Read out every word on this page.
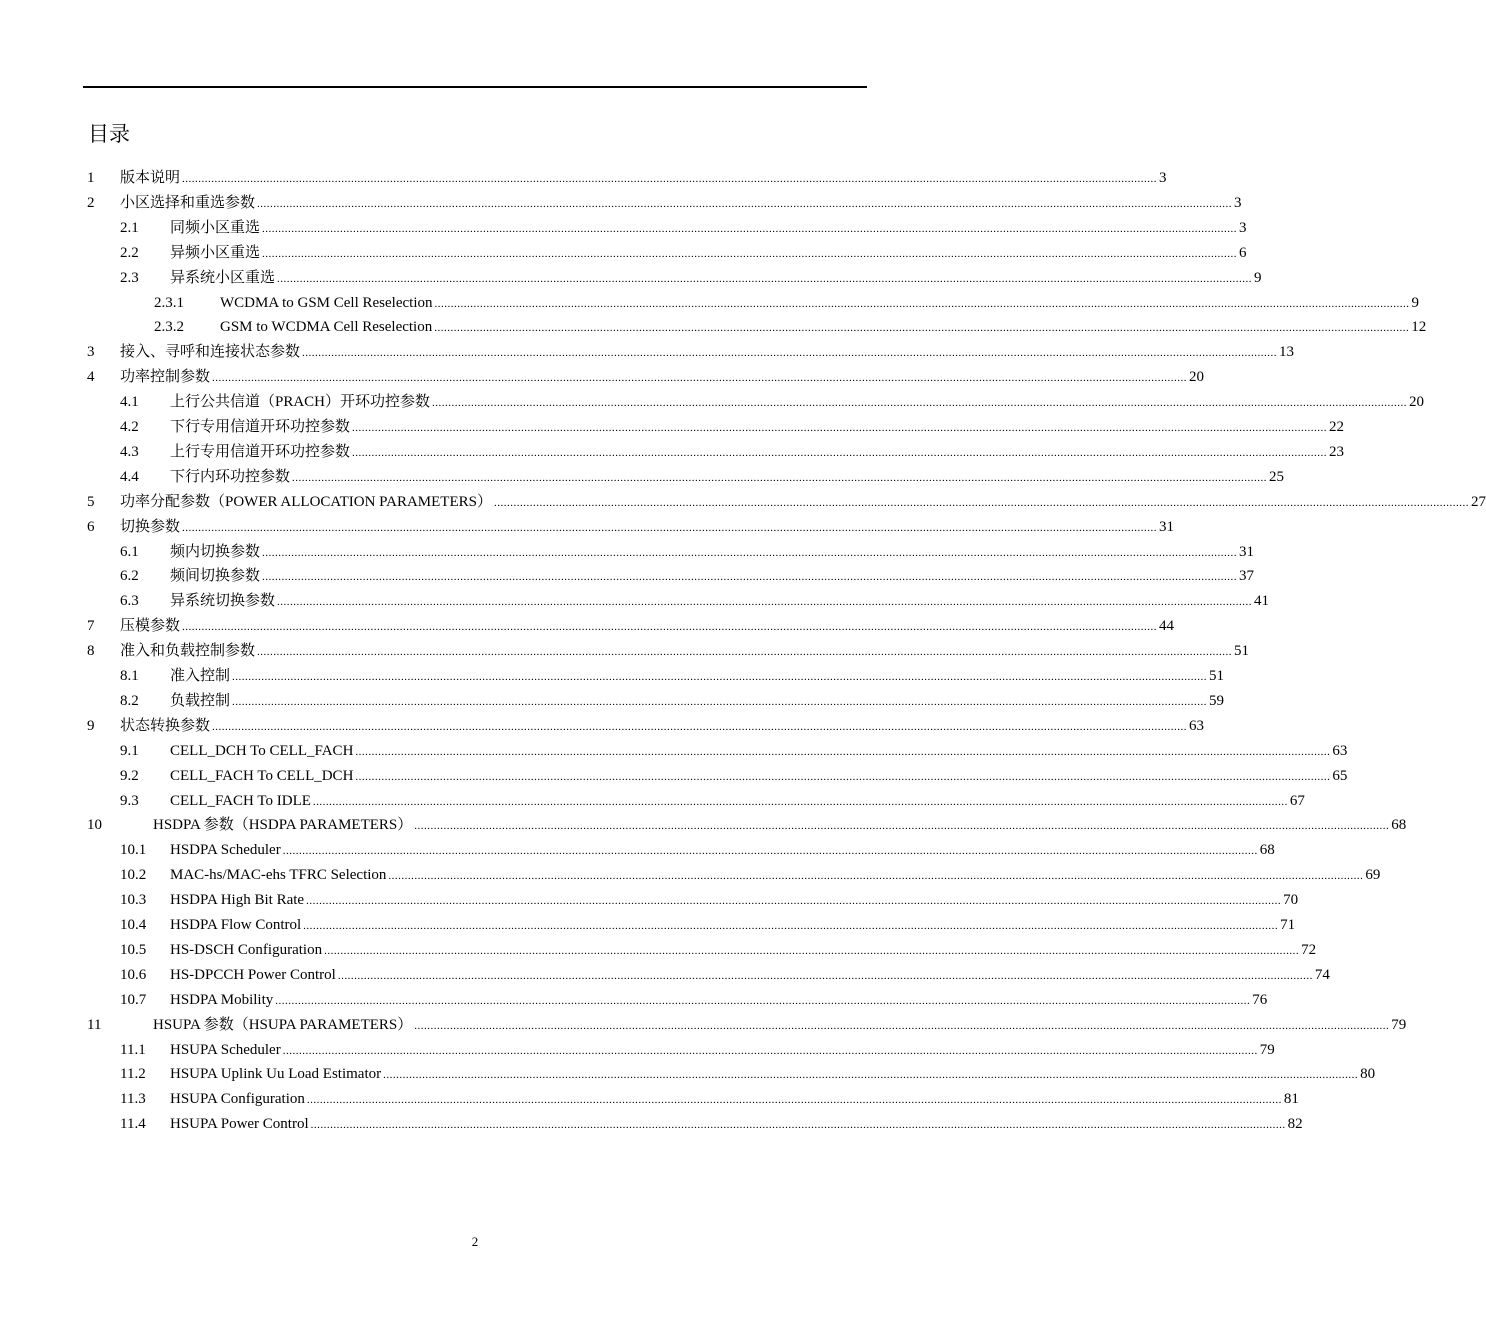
目录
1	版本说明 ............................................................................................................................................................................................................................................................................................................ 3
2	小区选择和重选参数 ............................................................................................................................................................................................................................................................................................................ 3
2.1	同频小区重选 ............................................................................................................................................................................................................................................................................................................ 3
2.2	异频小区重选 ............................................................................................................................................................................................................................................................................................................ 6
2.3	异系统小区重选 ............................................................................................................................................................................................................................................................................................................ 9
2.3.1	WCDMA to GSM Cell Reselection ............................................................................................................................................................................................................................................................................................................ 9
2.3.2	GSM to WCDMA Cell Reselection ............................................................................................................................................................................................................................................................................................................ 12
3	接入、寻呼和连接状态参数 ............................................................................................................................................................................................................................................................................................................ 13
4	功率控制参数 ............................................................................................................................................................................................................................................................................................................ 20
4.1	上行公共信道（PRACH）开环功控参数 ............................................................................................................................................................................................................................................................................................................ 20
4.2	下行专用信道开环功控参数 ............................................................................................................................................................................................................................................................................................................ 22
4.3	上行专用信道开环功控参数 ............................................................................................................................................................................................................................................................................................................ 23
4.4	下行内环功控参数 ............................................................................................................................................................................................................................................................................................................ 25
5	功率分配参数（POWER ALLOCATION PARAMETERS） ............................................................................................................................................................................................................................................................................................................ 27
6	切换参数 ............................................................................................................................................................................................................................................................................................................ 31
6.1	频内切换参数 ............................................................................................................................................................................................................................................................................................................ 31
6.2	频间切换参数 ............................................................................................................................................................................................................................................................................................................ 37
6.3	异系统切换参数 ............................................................................................................................................................................................................................................................................................................ 41
7	压模参数 ............................................................................................................................................................................................................................................................................................................ 44
8	准入和负载控制参数 ............................................................................................................................................................................................................................................................................................................ 51
8.1	准入控制 ............................................................................................................................................................................................................................................................................................................ 51
8.2	负载控制 ............................................................................................................................................................................................................................................................................................................ 59
9	状态转换参数 ............................................................................................................................................................................................................................................................................................................ 63
9.1	CELL_DCH To CELL_FACH ............................................................................................................................................................................................................................................................................................................ 63
9.2	CELL_FACH To CELL_DCH ............................................................................................................................................................................................................................................................................................................ 65
9.3	CELL_FACH To IDLE ............................................................................................................................................................................................................................................................................................................ 67
10	HSDPA 参数（HSDPA PARAMETERS） ............................................................................................................................................................................................................................................................................................................ 68
10.1	HSDPA Scheduler ............................................................................................................................................................................................................................................................................................................ 68
10.2	MAC-hs/MAC-ehs TFRC Selection ............................................................................................................................................................................................................................................................................................................ 69
10.3	HSDPA High Bit Rate ............................................................................................................................................................................................................................................................................................................ 70
10.4	HSDPA Flow Control ............................................................................................................................................................................................................................................................................................................ 71
10.5	HS-DSCH Configuration ............................................................................................................................................................................................................................................................................................................ 72
10.6	HS-DPCCH Power Control ............................................................................................................................................................................................................................................................................................................ 74
10.7	HSDPA Mobility ............................................................................................................................................................................................................................................................................................................ 76
11	HSUPA 参数（HSUPA PARAMETERS） ............................................................................................................................................................................................................................................................................................................ 79
11.1	HSUPA Scheduler ............................................................................................................................................................................................................................................................................................................ 79
11.2	HSUPA Uplink Uu Load Estimator ............................................................................................................................................................................................................................................................................................................ 80
11.3	HSUPA Configuration ............................................................................................................................................................................................................................................................................................................ 81
11.4	HSUPA Power Control ............................................................................................................................................................................................................................................................................................................ 82
2
